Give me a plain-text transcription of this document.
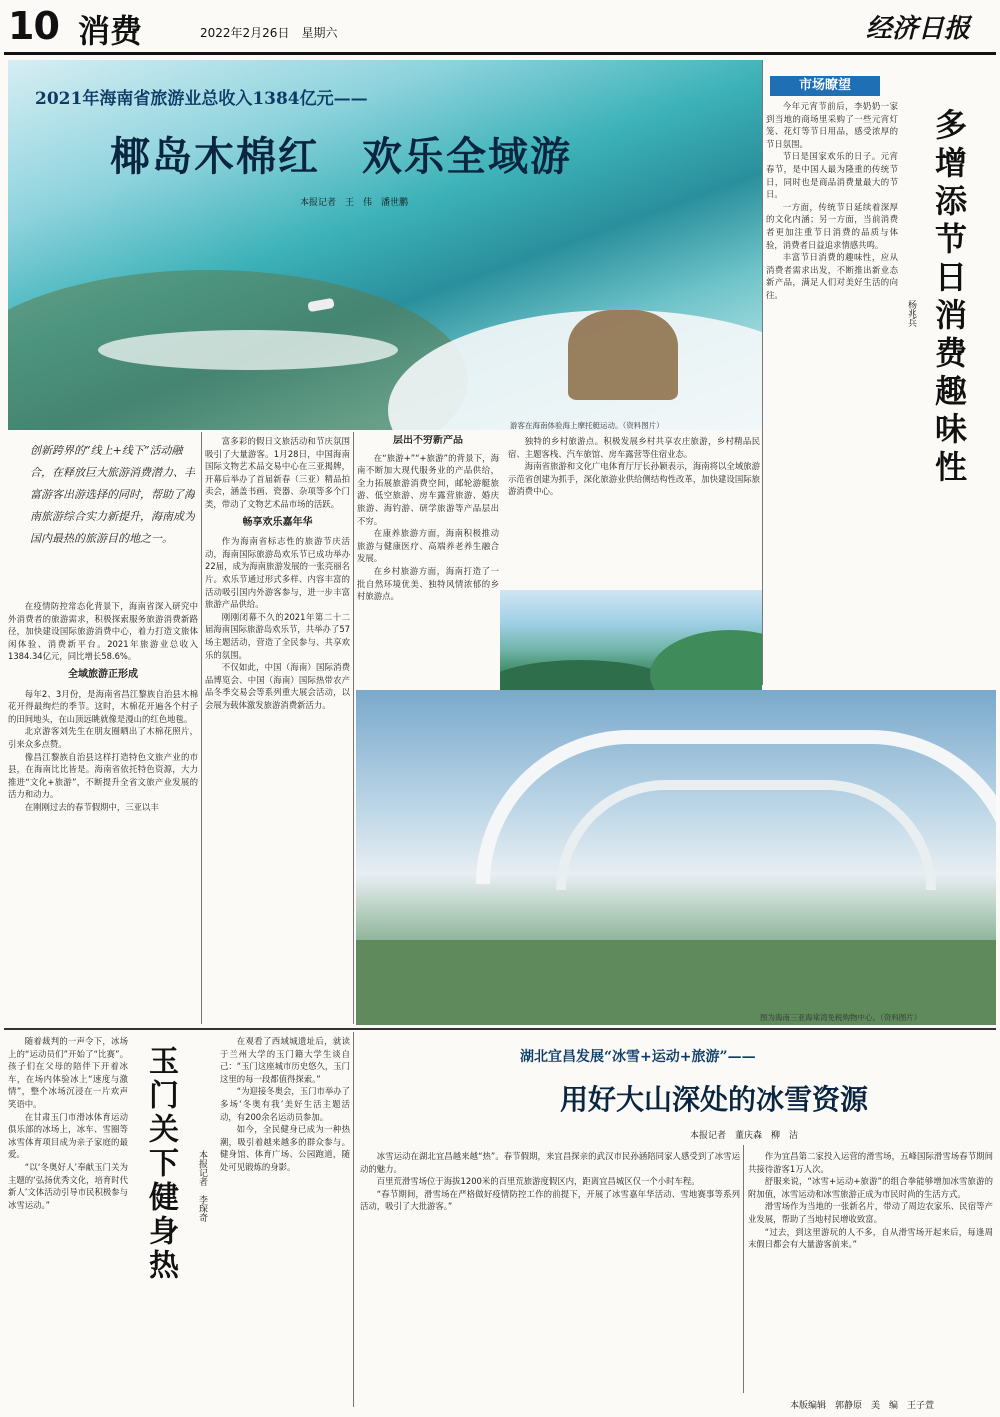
10 消费	2022年2月26日　星期六	经济日报
2021年海南省旅游业总收入1384亿元——
椰岛木棉红　欢乐全域游
本报记者　王　伟　潘世鹏
游客在海南体验海上摩托艇运动。（资料图片）
市场瞭望
多增添节日消费趣味性
杨兆兵

今年元宵节前后，李奶奶一家到当地的商场里采购了一些元宵灯笼、花灯等节日用品，感受浓厚的节日氛围。

节日是国家欢乐的日子。元宵春节，是中国人最为隆重的传统节日，同时也是商品消费量最大的节日。

一方面，传统节日延续着深厚的文化内涵；另一方面，当前消费者更加注重节日消费的品质与体验，消费者日益追求情感共鸣。

丰富节日消费的趣味性，应从消费者需求出发，不断推出新业态新产品，满足人们对美好生活的向往。

创新跨界的“线上+线下”活动融合，在释放巨大旅游消费潜力、丰富游客出游选择的同时，帮助了海南旅游综合实力新提升，海南成为国内最热的旅游目的地之一。

在疫情防控常态化背景下，海南省深入研究中外消费者的旅游需求，积极探索服务旅游消费新路径，加快建设国际旅游消费中心，着力打造文旅体闲体验、消费新平台。2021年旅游业总收入1384.34亿元，同比增长58.6%。

全域旅游正形成

每年2、3月份，是海南省昌江黎族自治县木棉花开得最绚烂的季节。这时，木棉花开遍各个村子的田间地头，在山顶远眺就像是漫山的红色地毯。

北京游客刘先生在朋友圈晒出了木棉花照片，引来众多点赞。

像昌江黎族自治县这样打造特色文旅产业的市县，在海南比比皆是。海南省依托特色资源，大力推进“文化+旅游”，不断提升全省文旅产业发展的活力和动力。

在刚刚过去的春节假期中，三亚以丰

富多彩的假日文旅活动和节庆氛围吸引了大量游客。1月28日，中国海南国际文物艺术品交易中心在三亚揭牌，开幕后举办了首届新春（三亚）精品拍卖会，涵盖书画、瓷器、杂项等多个门类，带动了文物艺术品市场的活跃。

畅享欢乐嘉年华

作为海南省标志性的旅游节庆活动，海南国际旅游岛欢乐节已成功举办22届，成为海南旅游发展的一张亮丽名片。欢乐节通过形式多样、内容丰富的活动吸引国内外游客参与，进一步丰富旅游产品供给。

刚刚闭幕不久的2021年第二十二届海南国际旅游岛欢乐节，共举办了57场主题活动，营造了全民参与、共享欢乐的氛围。

不仅如此，中国（海南）国际消费品博览会、中国（海南）国际热带农产品冬季交易会等系列重大展会活动，以会展为载体激发旅游消费新活力。

层出不穷新产品

在“旅游+”“+旅游”的背景下，海南不断加大现代服务业的产品供给，全力拓展旅游消费空间，邮轮游艇旅游、低空旅游、房车露营旅游、婚庆旅游、海钓游、研学旅游等产品层出不穷。

在康养旅游方面，海南积极推动旅游与健康医疗、高端养老养生融合发展。

在乡村旅游方面，海南打造了一批自然环境优美、独特风情浓郁的乡村旅游点。

独特的乡村旅游点。积极发展乡村共享农庄旅游，乡村精品民宿、主题客栈、汽车旅馆、房车露营等住宿业态。

海南省旅游和文化广电体育厅厅长孙颖表示，海南将以全域旅游示范省创建为抓手，深化旅游业供给侧结构性改革，加快建设国际旅游消费中心。

图为海南三亚海棠湾免税购物中心。（资料图片）

随着裁判的一声令下，冰场上的“运动员们”开始了“比赛”。孩子们在父母的陪伴下开着冰车，在场内体验冰上“速度与激情”，整个冰场沉浸在一片欢声笑语中。

在甘肃玉门市滑冰体育运动俱乐部的冰场上，冰车、雪圈等冰雪体育项目成为亲子家庭的最爱。

“以‘冬奥好人’奉献玉门关为主题的‘弘扬优秀文化，培育时代新人’文体活动引导市民积极参与冰雪运动。”	玉门关下健身热 本报记者　李琛奇

在观看了西域城遗址后，就读于兰州大学的玉门籍大学生谈自己：“玉门这座城市历史悠久，玉门这里的每一段都值得探索。”

“为迎接冬奥会，玉门市举办了多场‘冬奥有我’美好生活主题活动，有200余名运动员参加。

如今，全民健身已成为一种热潮，吸引着越来越多的群众参与。健身馆、体育广场、公园跑道，随处可见锻炼的身影。

湖北宜昌发展“冰雪+运动+旅游”——
用好大山深处的冰雪资源
本报记者　董庆森　柳　洁

冰雪运动在湖北宜昌越来越“热”。春节假期，来宜昌探亲的武汉市民孙涵陪同家人感受到了冰雪运动的魅力。

百里荒滑雪场位于海拔1200米的百里荒旅游度假区内，距离宜昌城区仅一个小时车程。

“春节期间，滑雪场在严格做好疫情防控工作的前提下，开展了冰雪嘉年华活动、雪地赛事等系列活动，吸引了大批游客。”

作为宜昌第二家投入运营的滑雪场，五峰国际滑雪场春节期间共接待游客1万人次。

舒服来说，“冰雪+运动+旅游”的组合拳能够增加冰雪旅游的附加值，冰雪运动和冰雪旅游正成为市民时尚的生活方式。

滑雪场作为当地的一张新名片，带动了周边农家乐、民宿等产业发展，帮助了当地村民增收致富。

“过去，到这里游玩的人不多，自从滑雪场开起来后，每逢周末假日都会有大量游客前来。”

本版编辑　郭静原　美　编　王子萱
